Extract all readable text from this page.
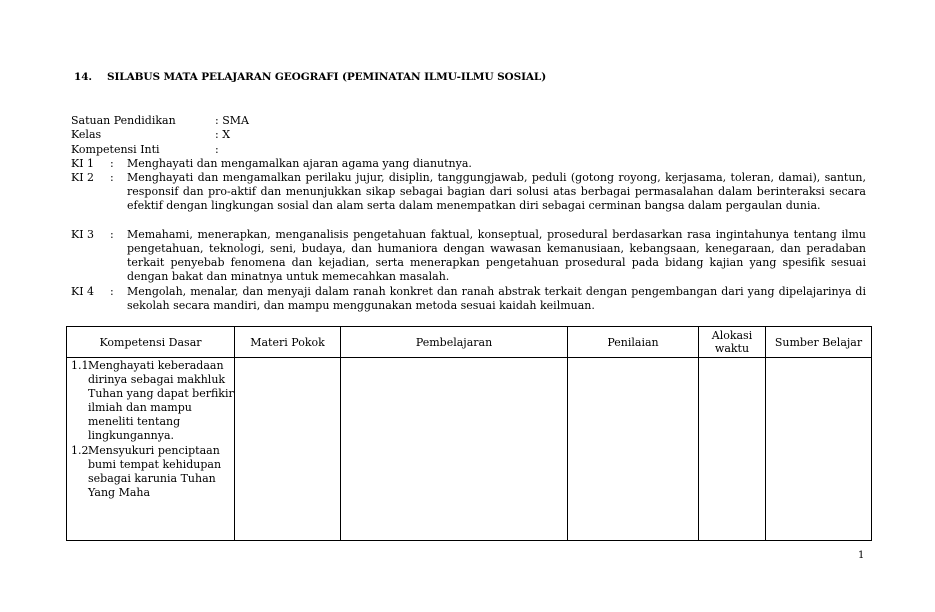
14. SILABUS MATA PELAJARAN GEOGRAFI (PEMINATAN ILMU-ILMU SOSIAL)
Satuan Pendidikan	: SMA
Kelas	: X
Kompetensi Inti	:
KI 1 : Menghayati dan mengamalkan ajaran agama yang dianutnya.
KI 2 : Menghayati dan mengamalkan perilaku jujur, disiplin, tanggungjawab, peduli (gotong royong, kerjasama, toleran, damai), santun, responsif dan pro-aktif dan menunjukkan sikap sebagai bagian dari solusi atas berbagai permasalahan dalam berinteraksi secara efektif dengan lingkungan sosial dan alam serta dalam menempatkan diri sebagai cerminan bangsa dalam pergaulan dunia.
KI 3 : Memahami, menerapkan, menganalisis pengetahuan faktual, konseptual, prosedural berdasarkan rasa ingintahunya tentang ilmu pengetahuan, teknologi, seni, budaya, dan humaniora dengan wawasan kemanusiaan, kebangsaan, kenegaraan, dan peradaban terkait penyebab fenomena dan kejadian, serta menerapkan pengetahuan prosedural pada bidang kajian yang spesifik sesuai dengan bakat dan minatnya untuk memecahkan masalah.
KI 4 : Mengolah, menalar, dan menyaji dalam ranah konkret dan ranah abstrak terkait dengan pengembangan dari yang dipelajarinya di sekolah secara mandiri, dan mampu menggunakan metoda sesuai kaidah keilmuan.
Kompetensi Dasar	Materi Pokok	Pembelajaran	Penilaian	Alokasi waktu	Sumber Belajar

1.1 Menghayati keberadaan dirinya sebagai makhluk Tuhan yang dapat berfikir ilmiah dan mampu meneliti tentang lingkungannya.
1.2 Mensyukuri penciptaan bumi tempat kehidupan sebagai karunia Tuhan Yang Maha					

1
